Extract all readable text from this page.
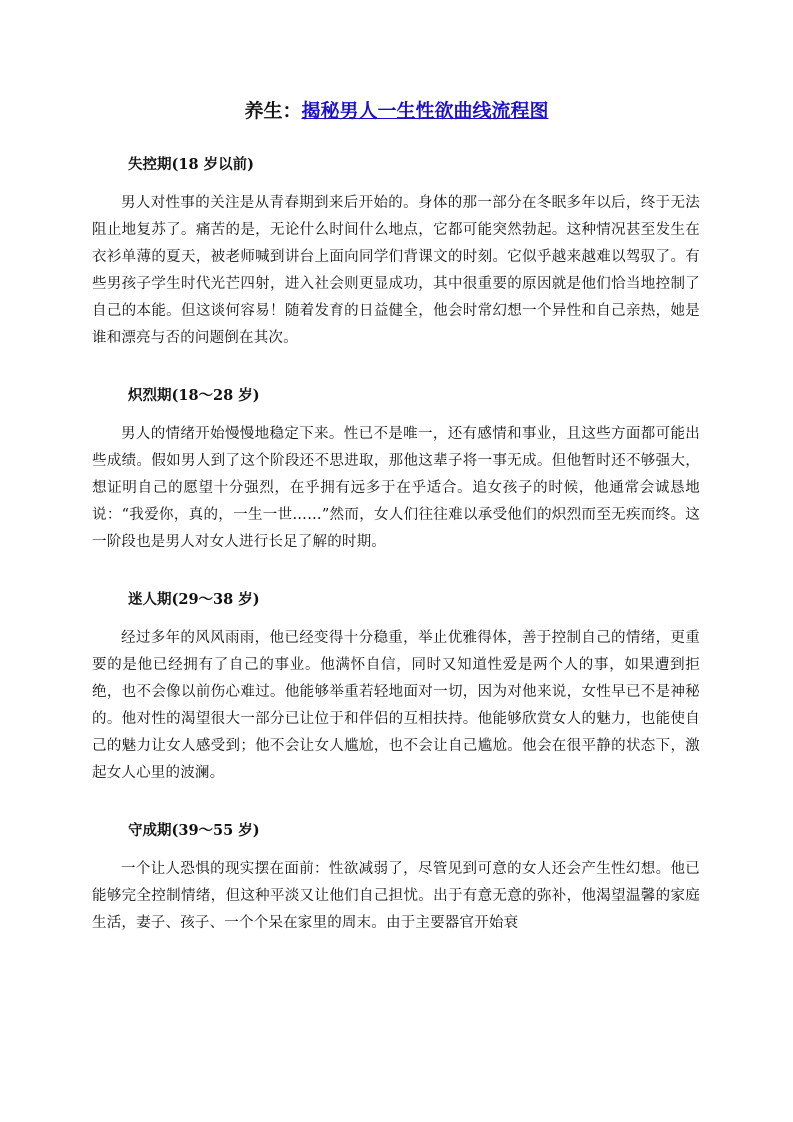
养生：揭秘男人一生性欲曲线流程图
失控期(18 岁以前)

男人对性事的关注是从青春期到来后开始的。身体的那一部分在冬眠多年以后，终于无法阻止地复苏了。痛苦的是，无论什么时间什么地点，它都可能突然勃起。这种情况甚至发生在衣衫单薄的夏天，被老师喊到讲台上面向同学们背课文的时刻。它似乎越来越难以驾驭了。有些男孩子学生时代光芒四射，进入社会则更显成功，其中很重要的原因就是他们恰当地控制了自己的本能。但这谈何容易！随着发育的日益健全，他会时常幻想一个异性和自己亲热，她是谁和漂亮与否的问题倒在其次。

炽烈期(18～28 岁)

男人的情绪开始慢慢地稳定下来。性已不是唯一，还有感情和事业，且这些方面都可能出些成绩。假如男人到了这个阶段还不思进取，那他这辈子将一事无成。但他暂时还不够强大，想证明自己的愿望十分强烈，在乎拥有远多于在乎适合。追女孩子的时候，他通常会诚恳地说：“我爱你，真的，一生一世……”然而，女人们往往难以承受他们的炽烈而至无疾而终。这一阶段也是男人对女人进行长足了解的时期。

迷人期(29～38 岁)

经过多年的风风雨雨，他已经变得十分稳重，举止优雅得体，善于控制自己的情绪，更重要的是他已经拥有了自己的事业。他满怀自信，同时又知道性爱是两个人的事，如果遭到拒绝，也不会像以前伤心难过。他能够举重若轻地面对一切，因为对他来说，女性早已不是神秘的。他对性的渴望很大一部分已让位于和伴侣的互相扶持。他能够欣赏女人的魅力，也能使自己的魅力让女人感受到；他不会让女人尴尬，也不会让自己尴尬。他会在很平静的状态下，激起女人心里的波澜。

守成期(39～55 岁)

一个让人恐惧的现实摆在面前：性欲减弱了，尽管见到可意的女人还会产生性幻想。他已能够完全控制情绪，但这种平淡又让他们自己担忧。出于有意无意的弥补，他渴望温馨的家庭生活，妻子、孩子、一个个呆在家里的周末。由于主要器官开始衰
